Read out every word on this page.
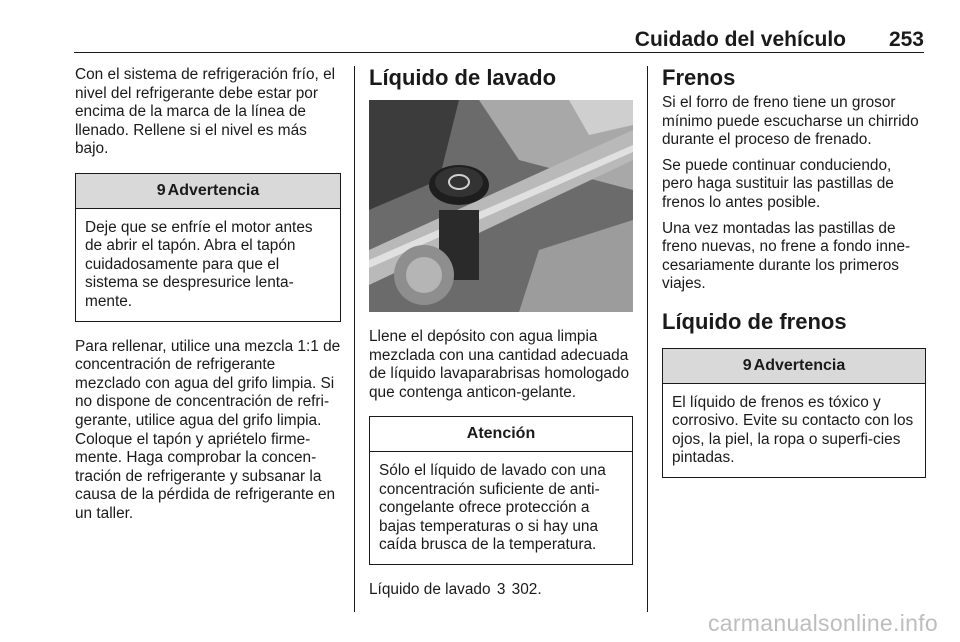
Cuidado del vehículo 253

Con el sistema de refrigeración frío, el nivel del refrigerante debe estar por encima de la marca de la línea de llenado. Rellene si el nivel es más bajo.

9 Advertencia
Deje que se enfríe el motor antes de abrir el tapón. Abra el tapón cuidadosamente para que el sistema se despresurice lenta-mente.

Para rellenar, utilice una mezcla 1:1 de concentración de refrigerante mezclado con agua del grifo limpia. Si no dispone de concentración de refri-gerante, utilice agua del grifo limpia. Coloque el tapón y apriételo firme-mente. Haga comprobar la concen-tración de refrigerante y subsanar la causa de la pérdida de refrigerante en un taller.

Líquido de lavado

Llene el depósito con agua limpia mezclada con una cantidad adecuada de líquido lavaparabrisas homologado que contenga anticon-gelante.

Atención
Sólo el líquido de lavado con una concentración suficiente de anti-congelante ofrece protección a bajas temperaturas o si hay una caída brusca de la temperatura.

Líquido de lavado 3 302.

Frenos

Si el forro de freno tiene un grosor mínimo puede escucharse un chirrido durante el proceso de frenado.

Se puede continuar conduciendo, pero haga sustituir las pastillas de frenos lo antes posible.

Una vez montadas las pastillas de freno nuevas, no frene a fondo inne-cesariamente durante los primeros viajes.

Líquido de frenos
9 Advertencia
El líquido de frenos es tóxico y corrosivo. Evite su contacto con los ojos, la piel, la ropa o superfi-cies pintadas.
carmanualsonline.info
